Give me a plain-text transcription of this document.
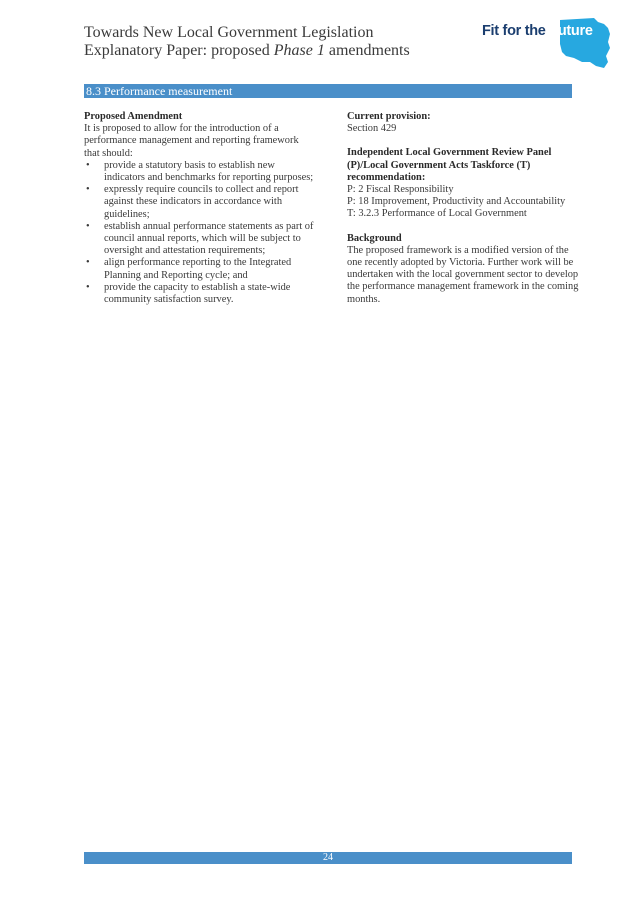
Towards New Local Government Legislation
Explanatory Paper: proposed Phase 1 amendments
Fit for the Future
8.3 Performance measurement
Proposed Amendment
It is proposed to allow for the introduction of a performance management and reporting framework that should:
• provide a statutory basis to establish new indicators and benchmarks for reporting purposes;
• expressly require councils to collect and report against these indicators in accordance with guidelines;
• establish annual performance statements as part of council annual reports, which will be subject to oversight and attestation requirements;
• align performance reporting to the Integrated Planning and Reporting cycle; and
• provide the capacity to establish a state-wide community satisfaction survey.
Current provision:
Section 429
Independent Local Government Review Panel (P)/Local Government Acts Taskforce (T) recommendation:
P: 2 Fiscal Responsibility
P: 18 Improvement, Productivity and Accountability
T: 3.2.3 Performance of Local Government
Background
The proposed framework is a modified version of the one recently adopted by Victoria. Further work will be undertaken with the local government sector to develop the performance management framework in the coming months.
24
